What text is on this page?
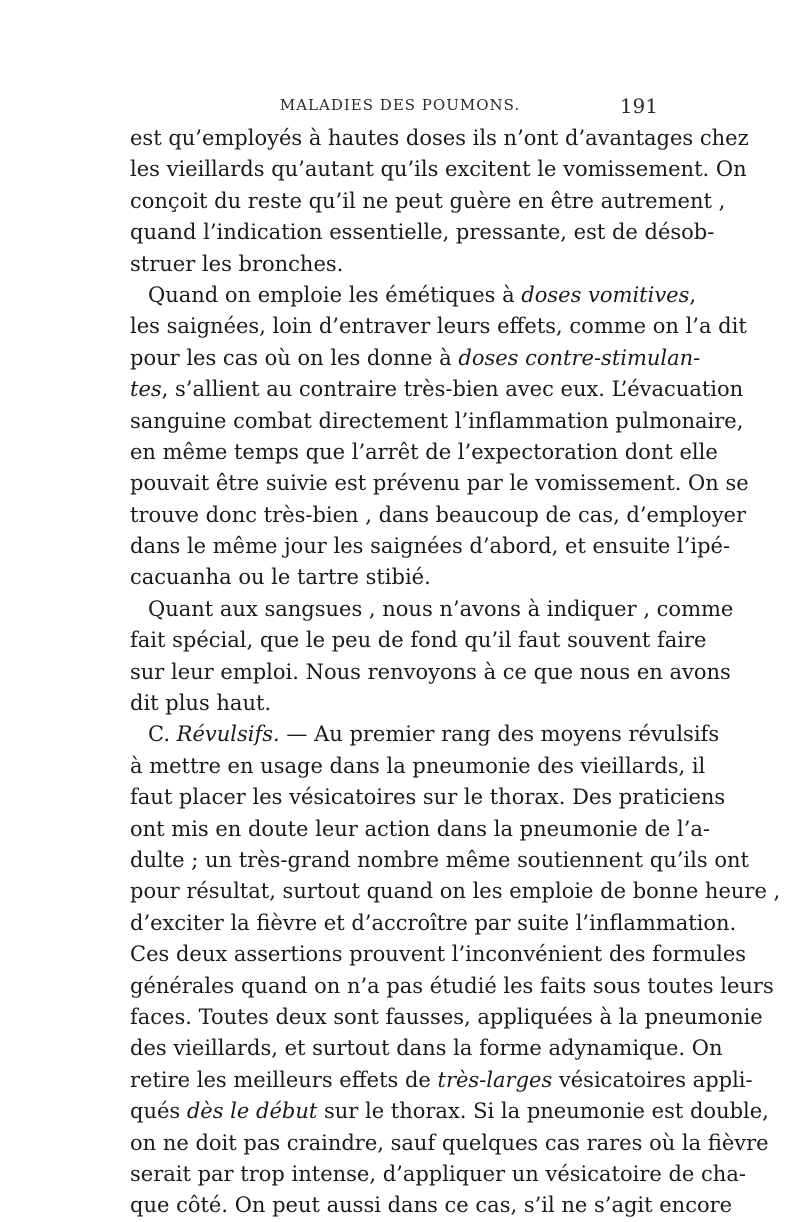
MALADIES DES POUMONS.	191
est qu’employés à hautes doses ils n’ont d’avantages chez
les vieillards qu’autant qu’ils excitent le vomissement. On
conçoit du reste qu’il ne peut guère en être autrement ,
quand l’indication essentielle, pressante, est de désob-
struer les bronches.
Quand on emploie les émétiques à doses vomitives,
les saignées, loin d’entraver leurs effets, comme on l’a dit
pour les cas où on les donne à doses contre-stimulan-
tes, s’allient au contraire très-bien avec eux. L’évacuation
sanguine combat directement l’inflammation pulmonaire,
en même temps que l’arrêt de l’expectoration dont elle
pouvait être suivie est prévenu par le vomissement. On se
trouve donc très-bien , dans beaucoup de cas, d’employer
dans le même jour les saignées d’abord, et ensuite l’ipé-
cacuanha ou le tartre stibié.
Quant aux sangsues , nous n’avons à indiquer , comme
fait spécial, que le peu de fond qu’il faut souvent faire
sur leur emploi. Nous renvoyons à ce que nous en avons
dit plus haut.
C. Révulsifs. — Au premier rang des moyens révulsifs
à mettre en usage dans la pneumonie des vieillards, il
faut placer les vésicatoires sur le thorax. Des praticiens
ont mis en doute leur action dans la pneumonie de l’a-
dulte ; un très-grand nombre même soutiennent qu’ils ont
pour résultat, surtout quand on les emploie de bonne heure ,
d’exciter la fièvre et d’accroître par suite l’inflammation.
Ces deux assertions prouvent l’inconvénient des formules
générales quand on n’a pas étudié les faits sous toutes leurs
faces. Toutes deux sont fausses, appliquées à la pneumonie
des vieillards, et surtout dans la forme adynamique. On
retire les meilleurs effets de très-larges vésicatoires appli-
qués dès le début sur le thorax. Si la pneumonie est double,
on ne doit pas craindre, sauf quelques cas rares où la fièvre
serait par trop intense, d’appliquer un vésicatoire de cha-
que côté. On peut aussi dans ce cas, s’il ne s’agit encore
